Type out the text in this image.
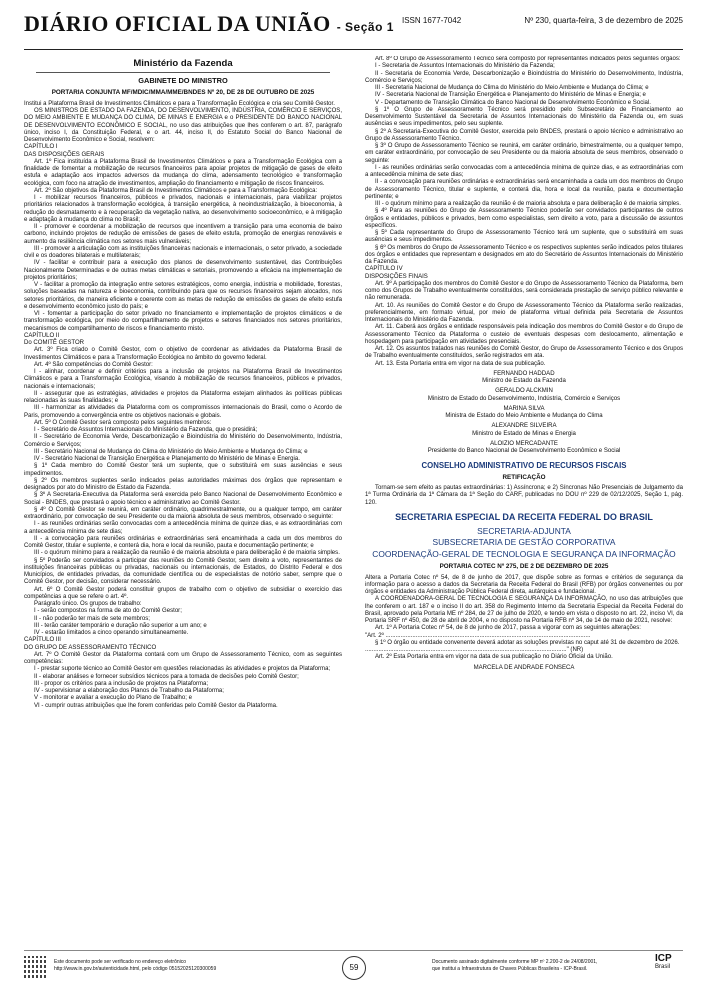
DIÁRIO OFICIAL DA UNIÃO - Seção 1 ISSN 1677-7042	Nº 230, quarta-feira, 3 de dezembro de 2025
Ministério da Fazenda
GABINETE DO MINISTRO
PORTARIA CONJUNTA MF/MDIC/MMA/MME/BNDES Nº 20, DE 28 DE OUTUBRO DE 2025

Institui a Plataforma Brasil de Investimentos Climáticos e para a Transformação Ecológica e cria seu Comitê Gestor.

OS MINISTROS DE ESTADO DA FAZENDA, DO DESENVOLVIMENTO, INDÚSTRIA, COMÉRCIO E SERVIÇOS, DO MEIO AMBIENTE E MUDANÇA DO CLIMA, DE MINAS E ENERGIA e o PRESIDENTE DO BANCO NACIONAL DE DESENVOLVIMENTO ECONÔMICO E SOCIAL, no uso das atribuições que lhes conferem o art. 87, parágrafo único, inciso I, da Constituição Federal, e o art. 44, inciso II, do Estatuto Social do Banco Nacional de Desenvolvimento Econômico e Social, resolvem:

CAPÍTULO I

DAS DISPOSIÇÕES GERAIS

Art. 1º Fica instituída a Plataforma Brasil de Investimentos Climáticos e para a Transformação Ecológica com a finalidade de fomentar a mobilização de recursos financeiros para apoiar projetos de mitigação de gases de efeito estufa e adaptação aos impactos adversos da mudança do clima, adensamento tecnológico e transformação ecológica, com foco na atração de investimentos, ampliação do financiamento e mitigação de riscos financeiros.

Art. 2º São objetivos da Plataforma Brasil de Investimentos Climáticos e para a Transformação Ecológica:

I - mobilizar recursos financeiros, públicos e privados, nacionais e internacionais, para viabilizar projetos prioritários relacionados à transformação ecológica, à transição energética, à neoindustrialização, à bioeconomia, à redução do desmatamento e à recuperação da vegetação nativa, ao desenvolvimento socioeconômico, e à mitigação e adaptação à mudança do clima no Brasil;

II - promover e coordenar a mobilização de recursos que incentivem a transição para uma economia de baixo carbono, incluindo projetos de redução de emissões de gases de efeito estufa, promoção de energias renováveis e aumento da resiliência climática nos setores mais vulneráveis;

III - promover a articulação com as instituições financeiras nacionais e internacionais, o setor privado, a sociedade civil e os doadores bilaterais e multilaterais;

IV - facilitar e contribuir para a execução dos planos de desenvolvimento sustentável, das Contribuições Nacionalmente Determinadas e de outras metas climáticas e setoriais, promovendo a eficácia na implementação de projetos prioritários;

V - facilitar a promoção da integração entre setores estratégicos, como energia, indústria e mobilidade, florestas, soluções baseadas na natureza e bioeconomia, contribuindo para que os recursos financeiros sejam alocados, nos setores prioritários, de maneira eficiente e coerente com as metas de redução de emissões de gases de efeito estufa e desenvolvimento econômico justo do país; e

VI - fomentar a participação do setor privado no financiamento e implementação de projetos climáticos e de transformação ecológica, por meio do compartilhamento de projetos e setores financiados nos setores prioritários, mecanismos de compartilhamento de riscos e financiamento misto.

CAPÍTULO II

Do COMITÊ GESTOR

Art. 3º Fica criado o Comitê Gestor, com o objetivo de coordenar as atividades da Plataforma Brasil de Investimentos Climáticos e para a Transformação Ecológica no âmbito do governo federal.

Art. 4º São competências do Comitê Gestor:

I - alinhar, coordenar e definir critérios para a inclusão de projetos na Plataforma Brasil de Investimentos Climáticos e para a Transformação Ecológica, visando à mobilização de recursos financeiros, públicos e privados, nacionais e internacionais;

II - assegurar que as estratégias, atividades e projetos da Plataforma estejam alinhados às políticas públicas relacionadas às suas finalidades; e

III - harmonizar as atividades da Plataforma com os compromissos internacionais do Brasil, como o Acordo de Paris, promovendo a convergência entre os objetivos nacionais e globais.

Art. 5º O Comitê Gestor será composto pelos seguintes membros:

I - Secretário de Assuntos Internacionais do Ministério da Fazenda, que o presidirá;

II - Secretário de Economia Verde, Descarbonização e Bioindústria do Ministério do Desenvolvimento, Indústria, Comércio e Serviços;

III - Secretário Nacional de Mudança do Clima do Ministério do Meio Ambiente e Mudança do Clima; e

IV - Secretário Nacional de Transição Energética e Planejamento do Ministério de Minas e Energia.

§ 1º Cada membro do Comitê Gestor terá um suplente, que o substituirá em suas ausências e seus impedimentos.

§ 2º Os membros suplentes serão indicados pelas autoridades máximas dos órgãos que representam e designados por ato do Ministro de Estado da Fazenda.

§ 3º A Secretaria-Executiva da Plataforma será exercida pelo Banco Nacional de Desenvolvimento Econômico e Social - BNDES, que prestará o apoio técnico e administrativo ao Comitê Gestor.

§ 4º O Comitê Gestor se reunirá, em caráter ordinário, quadrimestralmente, ou a qualquer tempo, em caráter extraordinário, por convocação de seu Presidente ou da maioria absoluta de seus membros, observado o seguinte:

I - as reuniões ordinárias serão convocadas com a antecedência mínima de quinze dias, e as extraordinárias com a antecedência mínima de sete dias;

II - a convocação para reuniões ordinárias e extraordinárias será encaminhada a cada um dos membros do Comitê Gestor, titular e suplente, e conterá dia, hora e local da reunião, pauta e documentação pertinente; e

III - o quórum mínimo para a realização da reunião é de maioria absoluta e para deliberação é de maioria simples.

§ 5º Poderão ser convidados a participar das reuniões do Comitê Gestor, sem direito a voto, representantes de instituições financeiras públicas ou privadas, nacionais ou internacionais, de Estados, do Distrito Federal e dos Municípios, de entidades privadas, da comunidade científica ou de especialistas de notório saber, sempre que o Comitê Gestor, por decisão, considerar necessário.

Art. 6º O Comitê Gestor poderá constituir grupos de trabalho com o objetivo de subsidiar o exercício das competências a que se refere o art. 4º.

Parágrafo único. Os grupos de trabalho:

I - serão compostos na forma de ato do Comitê Gestor;

II - não poderão ter mais de sete membros;

III - terão caráter temporário e duração não superior a um ano; e

IV - estarão limitados a cinco operando simultaneamente.

CAPÍTULO III

DO GRUPO DE ASSESSORAMENTO TÉCNICO

Art. 7º O Comitê Gestor da Plataforma contará com um Grupo de Assessoramento Técnico, com as seguintes competências:

I - prestar suporte técnico ao Comitê Gestor em questões relacionadas às atividades e projetos da Plataforma;

II - elaborar análises e fornecer subsídios técnicos para a tomada de decisões pelo Comitê Gestor;

III - propor os critérios para a inclusão de projetos na Plataforma;

IV - supervisionar a elaboração dos Planos de Trabalho da Plataforma;

V - monitorar e avaliar a execução do Plano de Trabalho; e

VI - cumprir outras atribuições que lhe forem conferidas pelo Comitê Gestor da Plataforma.

Art. 8º O Grupo de Assessoramento Técnico será composto por representantes indicados pelos seguintes órgãos:

I - Secretaria de Assuntos Internacionais do Ministério da Fazenda;

II - Secretaria de Economia Verde, Descarbonização e Bioindústria do Ministério do Desenvolvimento, Indústria, Comércio e Serviços;

III - Secretaria Nacional de Mudança do Clima do Ministério do Meio Ambiente e Mudança do Clima; e

IV - Secretaria Nacional de Transição Energética e Planejamento do Ministério de Minas e Energia; e

V - Departamento de Transição Climática do Banco Nacional de Desenvolvimento Econômico e Social.

§ 1º O Grupo de Assessoramento Técnico será presidido pelo Subsecretário de Financiamento ao Desenvolvimento Sustentável da Secretaria de Assuntos Internacionais do Ministério da Fazenda ou, em suas ausências e seus impedimentos, pelo seu suplente.

§ 2º A Secretaria-Executiva do Comitê Gestor, exercida pelo BNDES, prestará o apoio técnico e administrativo ao Grupo de Assessoramento Técnico.

§ 3º O Grupo de Assessoramento Técnico se reunirá, em caráter ordinário, bimestralmente, ou a qualquer tempo, em caráter extraordinário, por convocação de seu Presidente ou da maioria absoluta de seus membros, observado o seguinte:

I - as reuniões ordinárias serão convocadas com a antecedência mínima de quinze dias, e as extraordinárias com a antecedência mínima de sete dias;

II - a convocação para reuniões ordinárias e extraordinárias será encaminhada a cada um dos membros do Grupo de Assessoramento Técnico, titular e suplente, e conterá dia, hora e local da reunião, pauta e documentação pertinente; e

III - o quórum mínimo para a realização da reunião é de maioria absoluta e para deliberação é de maioria simples.

§ 4º Para as reuniões do Grupo de Assessoramento Técnico poderão ser convidados participantes de outros órgãos e entidades, públicos e privados, bem como especialistas, sem direito a voto, para a discussão de assuntos específicos.

§ 5º Cada representante do Grupo de Assessoramento Técnico terá um suplente, que o substituirá em suas ausências e seus impedimentos.

§ 6º Os membros do Grupo de Assessoramento Técnico e os respectivos suplentes serão indicados pelos titulares dos órgãos e entidades que representam e designados em ato do Secretário de Assuntos Internacionais do Ministério da Fazenda.

CAPÍTULO IV

DISPOSIÇÕES FINAIS

Art. 9º A participação dos membros do Comitê Gestor e do Grupo de Assessoramento Técnico da Plataforma, bem como dos Grupos de Trabalho eventualmente constituídos, será considerada prestação de serviço público relevante e não remunerada.

Art. 10. As reuniões do Comitê Gestor e do Grupo de Assessoramento Técnico da Plataforma serão realizadas, preferencialmente, em formato virtual, por meio de plataforma virtual definida pela Secretaria de Assuntos Internacionais do Ministério da Fazenda.

Art. 11. Caberá aos órgãos e entidade responsáveis pela indicação dos membros do Comitê Gestor e do Grupo de Assessoramento Técnico da Plataforma o custeio de eventuais despesas com deslocamento, alimentação e hospedagem para participação em atividades presenciais.

Art. 12. Os assuntos tratados nas reuniões do Comitê Gestor, do Grupo de Assessoramento Técnico e dos Grupos de Trabalho eventualmente constituídos, serão registrados em ata.

Art. 13. Esta Portaria entra em vigor na data de sua publicação.

FERNANDO HADDAD
Ministro de Estado da Fazenda
GERALDO ALCKMIN
Ministro de Estado do Desenvolvimento, Indústria, Comércio e Serviços
MARINA SILVA
Ministra de Estado do Meio Ambiente e Mudança do Clima
ALEXANDRE SILVEIRA
Ministro de Estado de Minas e Energia
ALOIZIO MERCADANTE
Presidente do Banco Nacional de Desenvolvimento Econômico e Social
CONSELHO ADMINISTRATIVO DE RECURSOS FISCAIS
RETIFICAÇÃO

Tornam-se sem efeito as pautas extraordinárias: 1) Assíncrona; e 2) Síncronas Não Presenciais de Julgamento da 1ª Turma Ordinária da 1ª Câmara da 1ª Seção do CARF, publicadas no DOU nº 229 de 02/12/2025, Seção 1, pág. 120.

SECRETARIA ESPECIAL DA RECEITA FEDERAL DO BRASIL
SECRETARIA-ADJUNTA
SUBSECRETARIA DE GESTÃO CORPORATIVA
COORDENAÇÃO-GERAL DE TECNOLOGIA E SEGURANÇA DA INFORMAÇÃO
PORTARIA COTEC Nº 275, DE 2 DE DEZEMBRO DE 2025

Altera a Portaria Cotec nº 54, de 8 de junho de 2017, que dispõe sobre as formas e critérios de segurança da informação para o acesso a dados da Secretaria da Receita Federal do Brasil (RFB) por órgãos convenentes ou por órgãos e entidades da Administração Pública Federal direta, autárquica e fundacional.

A COORDENADORA-GERAL DE TECNOLOGIA E SEGURANÇA DA INFORMAÇÃO, no uso das atribuições que lhe conferem o art. 187 e o inciso II do art. 358 do Regimento Interno da Secretaria Especial da Receita Federal do Brasil, aprovado pela Portaria ME nº 284, de 27 de julho de 2020, e tendo em vista o disposto no art. 22, inciso VI, da Portaria SRF nº 450, de 28 de abril de 2004, e no disposto na Portaria RFB nº 34, de 14 de maio de 2021, resolve:

Art. 1º A Portaria Cotec nº 54, de 8 de junho de 2017, passa a vigorar com as seguintes alterações:

"Art. 2º ..........................................................................................................................

§ 1º O órgão ou entidade convenente deverá adotar as soluções previstas no caput até 31 de dezembro de 2026.

........................................................................................................................" (NR)

Art. 2º Esta Portaria entra em vigor na data de sua publicação no Diário Oficial da União.

MARCELA DE ANDRADE FONSECA
Este documento pode ser verificado no endereço eletrônico
http://www.in.gov.br/autenticidade.html, pelo código 05152025120300059	59
Documento assinado digitalmente conforme MP nº 2.200-2 de 24/08/2001,
que institui a Infraestrutura de Chaves Públicas Brasileira - ICP-Brasil.
ICP
Brasil
